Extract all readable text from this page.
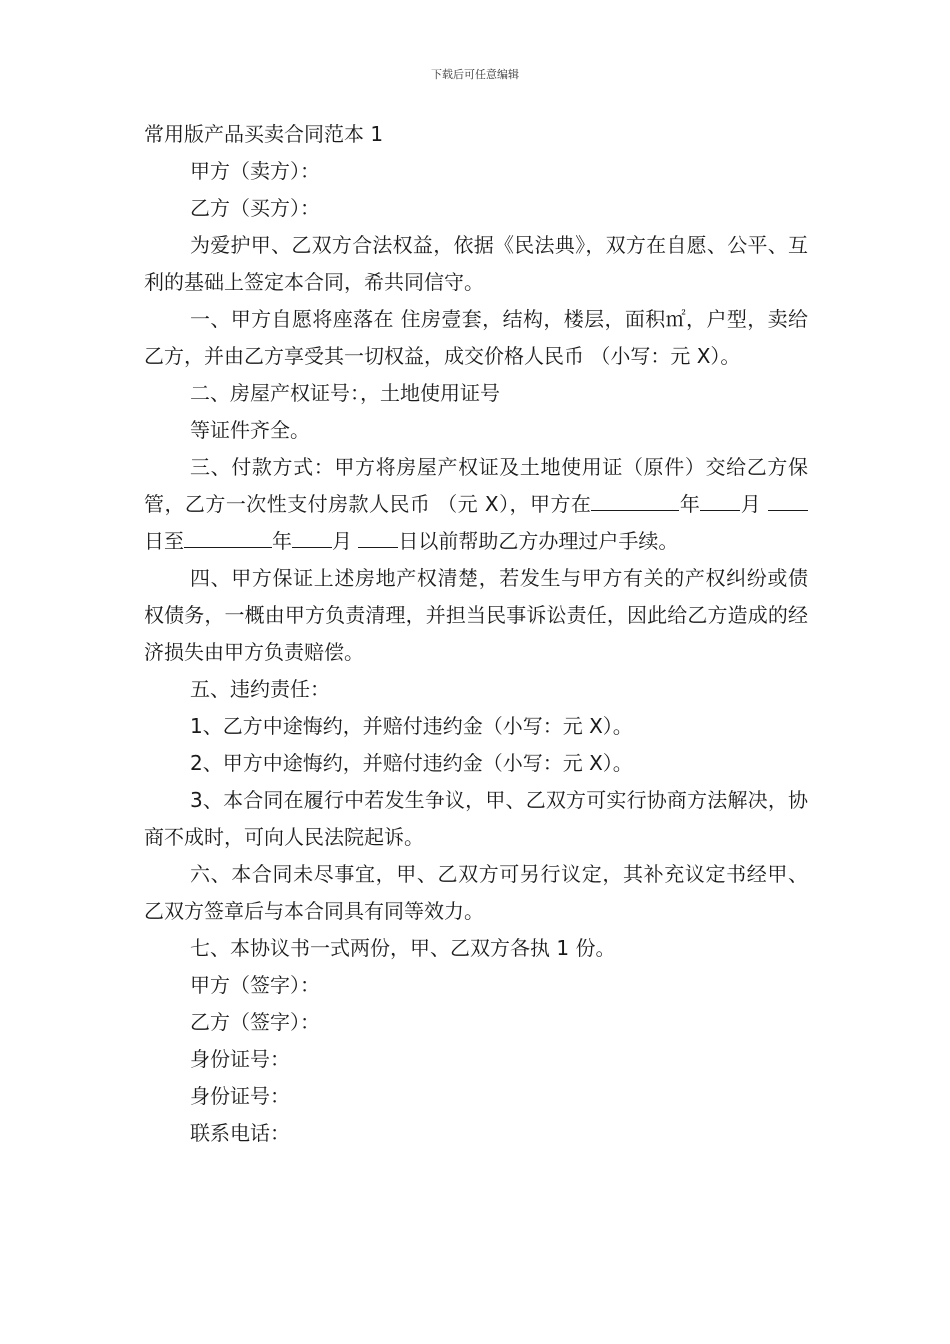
下载后可任意编辑

常用版产品买卖合同范本 1

甲方（卖方）：

乙方（买方）：

为爱护甲、乙双方合法权益，依据《民法典》，双方在自愿、公平、互利的基础上签定本合同，希共同信守。

一、甲方自愿将座落在 住房壹套，结构，楼层，面积㎡，户型，卖给乙方，并由乙方享受其一切权益，成交价格人民币 （小写：元 X）。

二、房屋产权证号：，土地使用证号

等证件齐全。

三、付款方式：甲方将房屋产权证及土地使用证（原件）交给乙方保管，乙方一次性支付房款人民币 （元 X），甲方在	年 月 日至	年 月 日以前帮助乙方办理过户手续。

四、甲方保证上述房地产权清楚，若发生与甲方有关的产权纠纷或债权债务，一概由甲方负责清理，并担当民事诉讼责任，因此给乙方造成的经济损失由甲方负责赔偿。

五、违约责任：

1、乙方中途悔约，并赔付违约金（小写：元 X）。

2、甲方中途悔约，并赔付违约金（小写：元 X）。

3、本合同在履行中若发生争议，甲、乙双方可实行协商方法解决，协商不成时，可向人民法院起诉。

六、本合同未尽事宜，甲、乙双方可另行议定，其补充议定书经甲、乙双方签章后与本合同具有同等效力。

七、本协议书一式两份，甲、乙双方各执 1 份。

甲方（签字）：

乙方（签字）：

身份证号：

身份证号：

联系电话：
